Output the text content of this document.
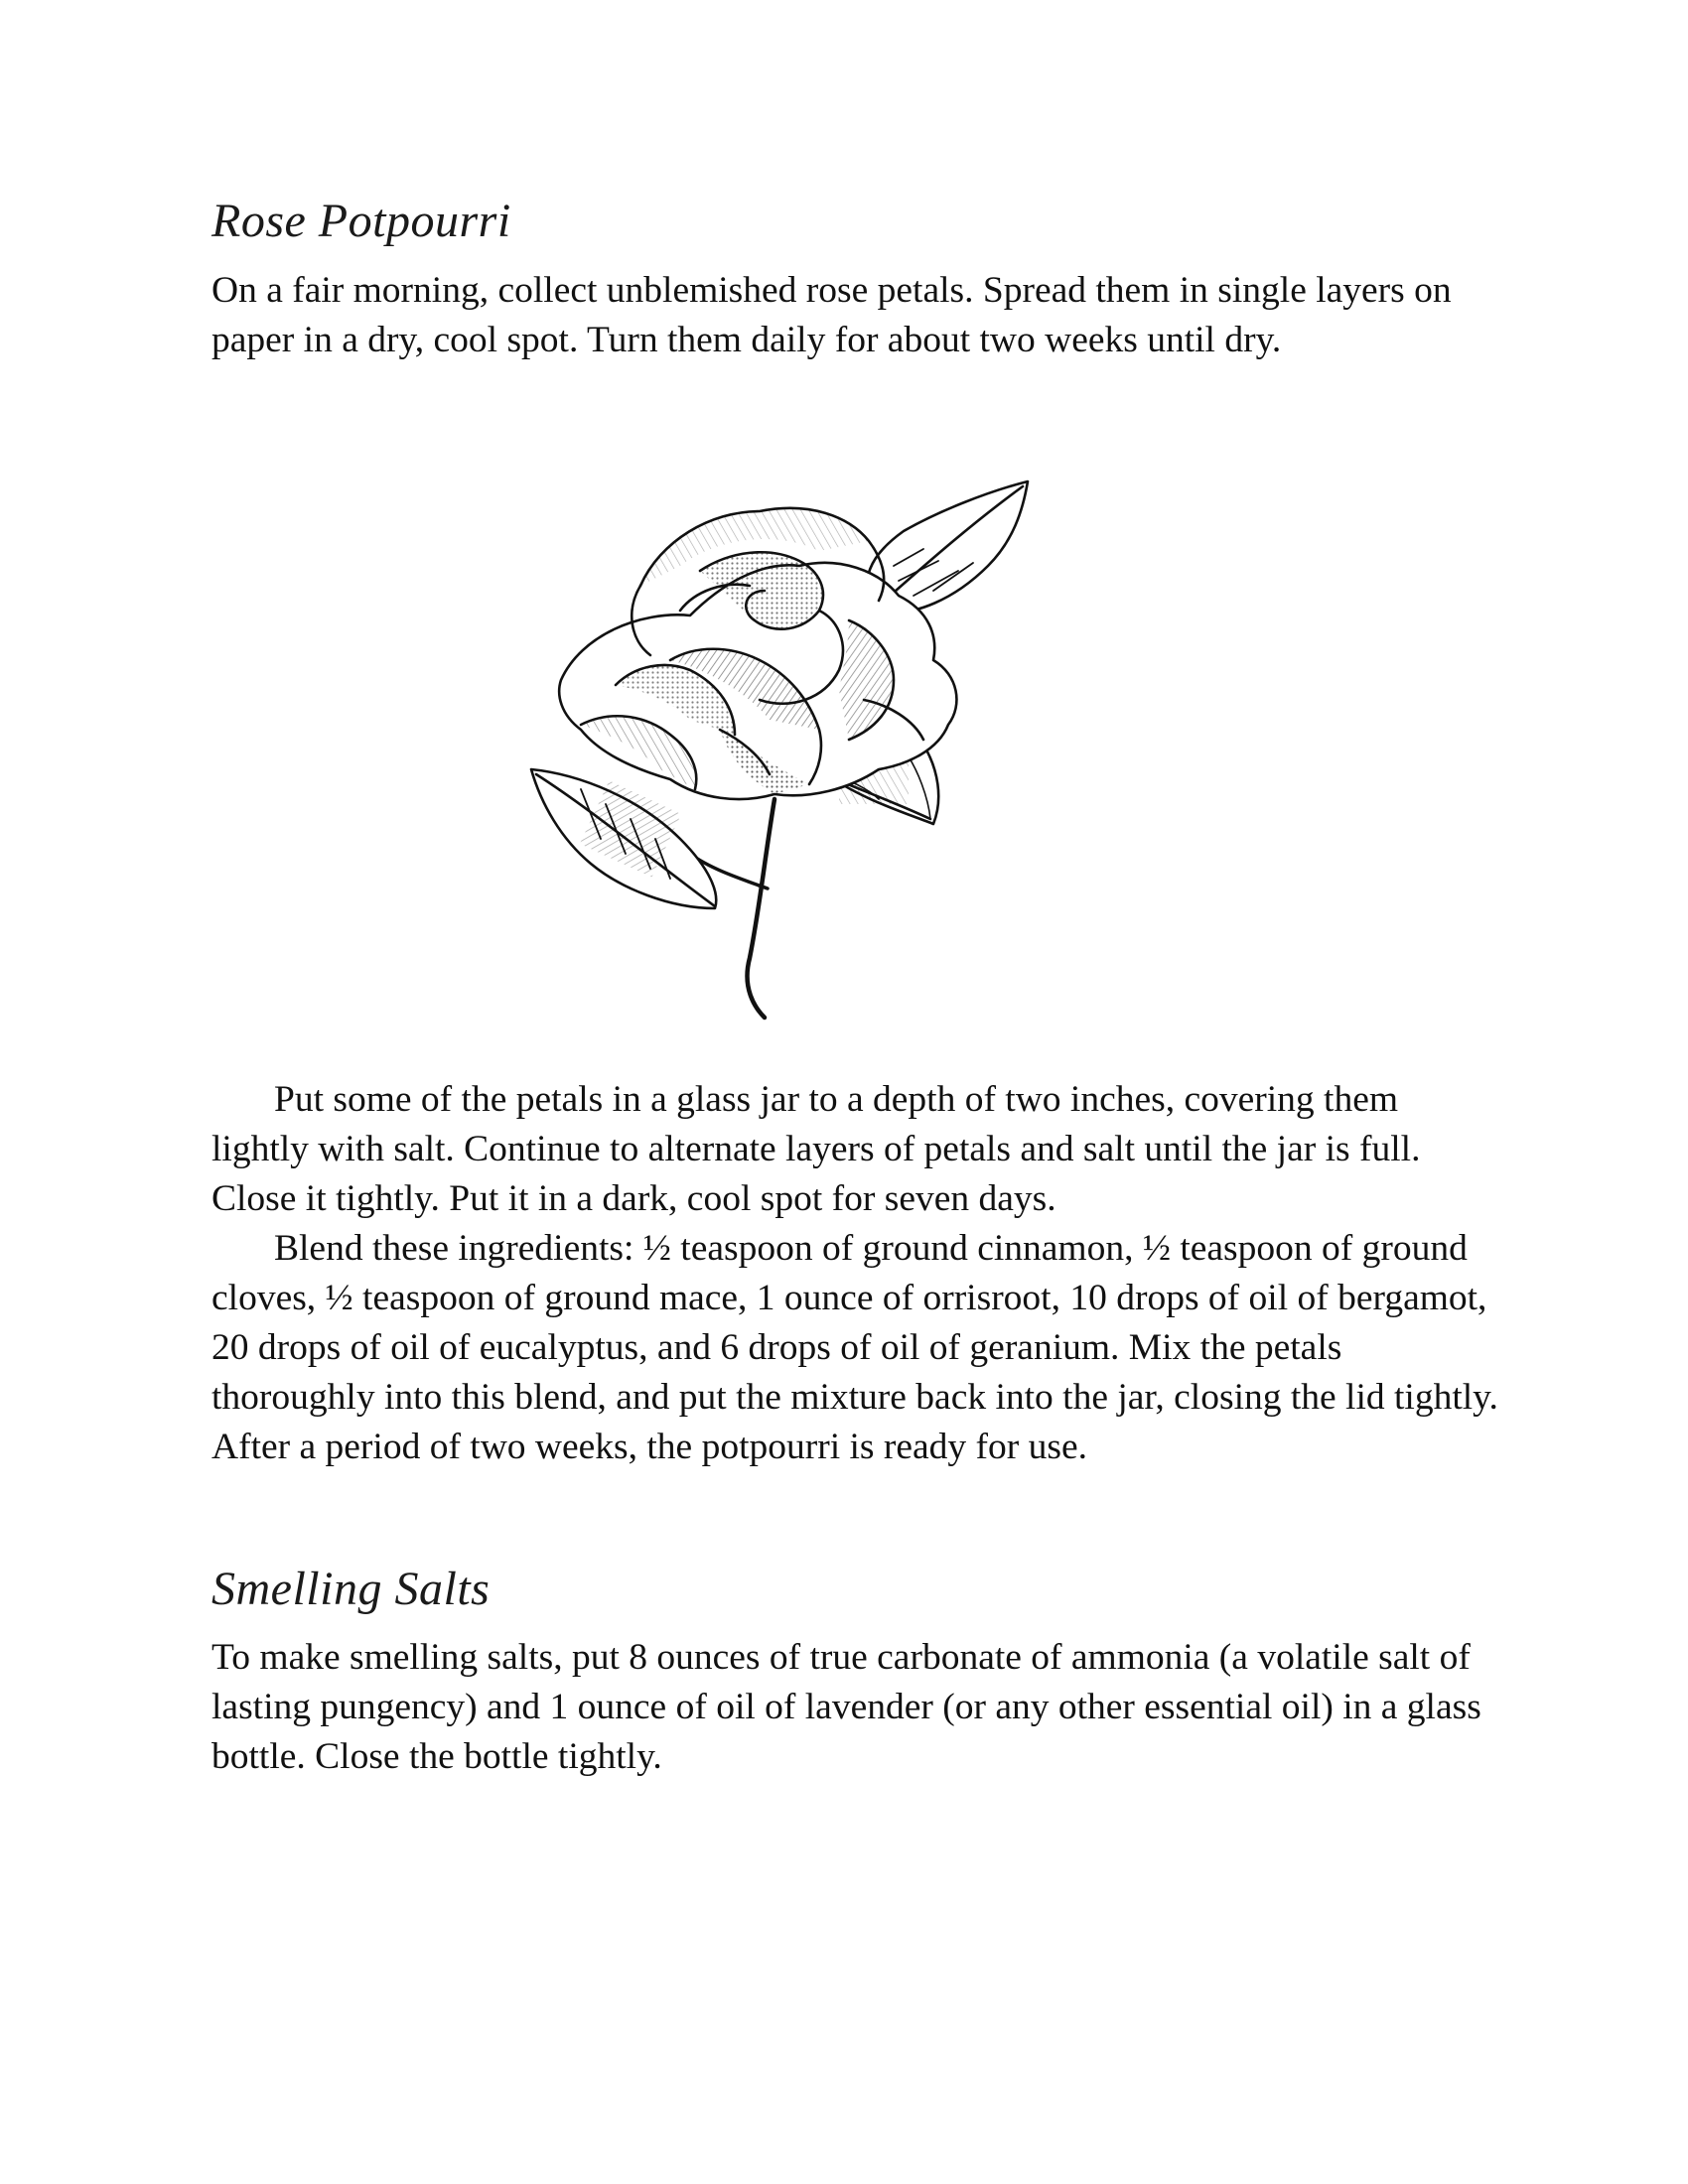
Rose Potpourri

On a fair morning, collect unblemished rose petals. Spread them in single layers on paper in a dry, cool spot. Turn them daily for about two weeks until dry.

Put some of the petals in a glass jar to a depth of two inches, covering them lightly with salt. Continue to alternate layers of petals and salt until the jar is full. Close it tightly. Put it in a dark, cool spot for seven days.

Blend these ingredients: ½ teaspoon of ground cinnamon, ½ teaspoon of ground cloves, ½ teaspoon of ground mace, 1 ounce of orrisroot, 10 drops of oil of bergamot, 20 drops of oil of eucalyptus, and 6 drops of oil of geranium. Mix the petals thoroughly into this blend, and put the mixture back into the jar, closing the lid tightly. After a period of two weeks, the potpourri is ready for use.

Smelling Salts

To make smelling salts, put 8 ounces of true carbonate of ammonia (a volatile salt of lasting pungency) and 1 ounce of oil of lavender (or any other essential oil) in a glass bottle. Close the bottle tightly.
